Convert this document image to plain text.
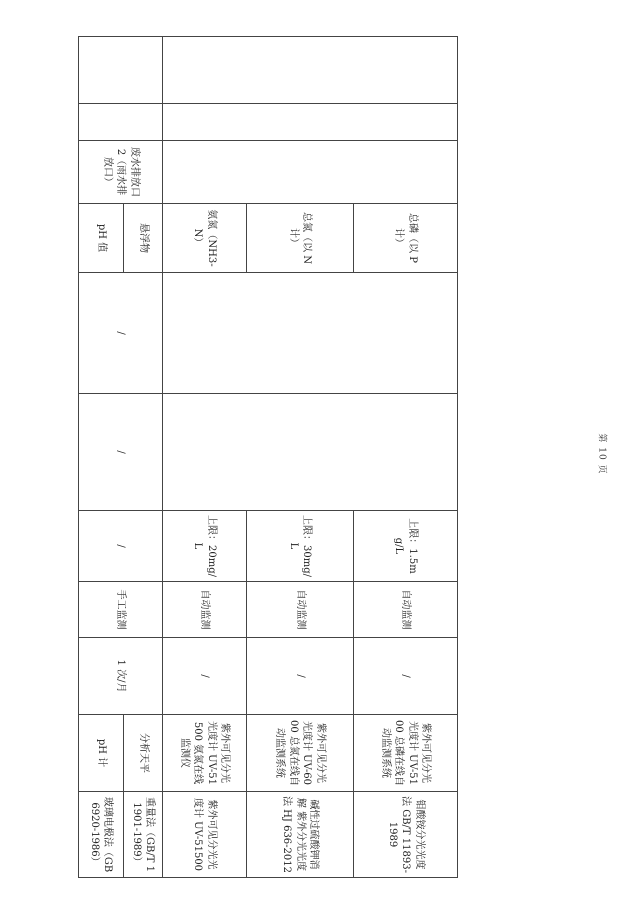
			总磷（以 P 计）			上限：1.5mg/L	自动监测	/	紫外可见分光光度计 UV-5100 总磷在线自动监测系统	钼酸铵分光光度法 GB/T 11893-1989

			总氮（以 N 计）			上限：30mg/L	自动监测	/	紫外可见分光光度计 UV-6000 总氮在线自动监测系统	碱性过硫酸钾消解 紫外分光光度法 HJ 636-2012

			氨氮（NH3-N）			上限：20mg/L	自动监测	/	紫外可见分光光度计 UV-51500 氨氮在线监测仪	紫外可见分光光度计 UV-51500

		废水排放口 2（雨水排放口）	悬浮物	/	/	/	手工监测	1 次/月	分析天平	重量法（GB/T 11901-1989）

			pH 值						pH 计	玻璃电极法（GB 6920-1986）
第 10 页
